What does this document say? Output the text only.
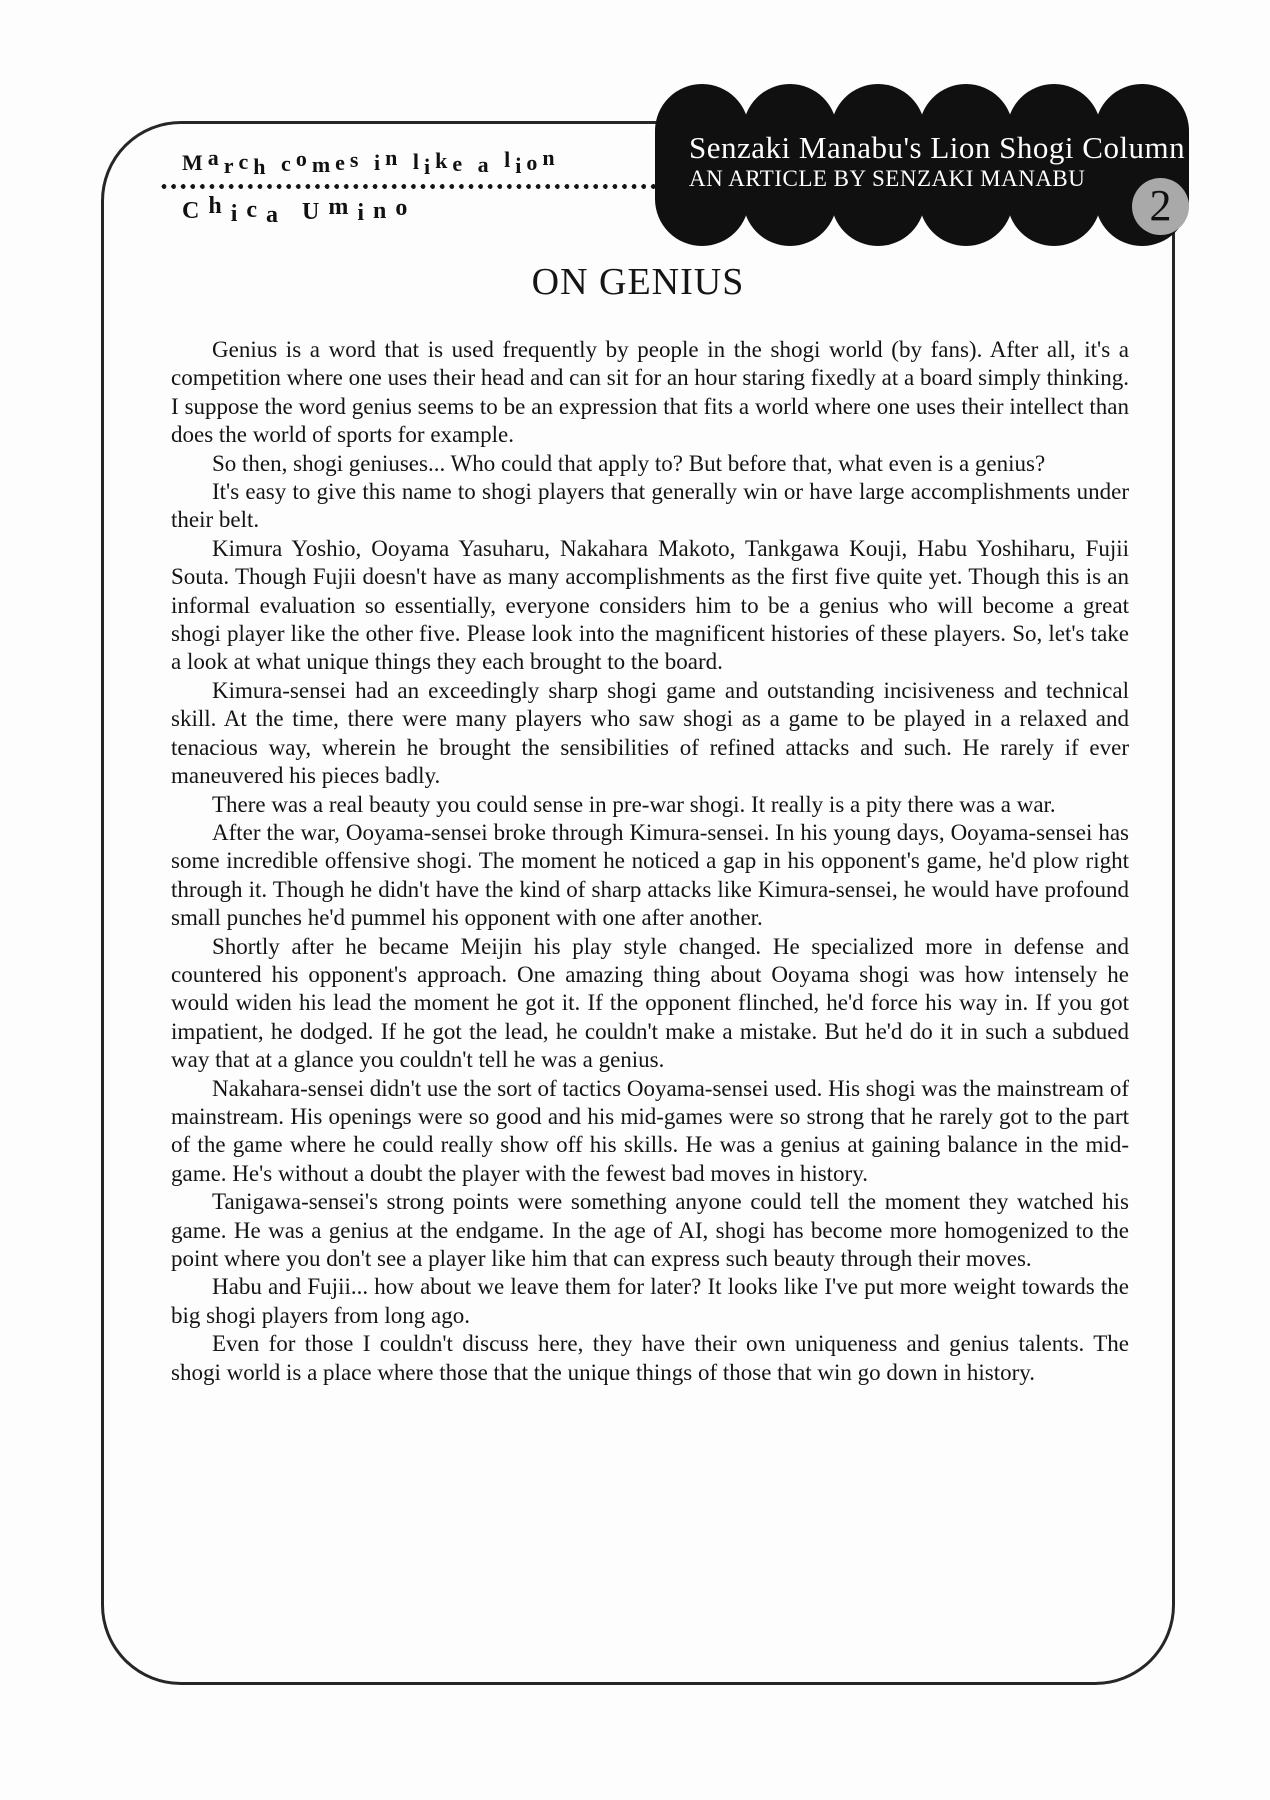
March comes in like a lion
Chica Umino
Senzaki Manabu's Lion Shogi Column
AN ARTICLE BY SENZAKI MANABU
2
ON GENIUS

Genius is a word that is used frequently by people in the shogi world (by fans). After all, it's a competition where one uses their head and can sit for an hour staring fixedly at a board simply thinking. I suppose the word genius seems to be an expression that fits a world where one uses their intellect than does the world of sports for example.

So then, shogi geniuses... Who could that apply to? But before that, what even is a genius?

It's easy to give this name to shogi players that generally win or have large accomplishments under their belt.

Kimura Yoshio, Ooyama Yasuharu, Nakahara Makoto, Tankgawa Kouji, Habu Yoshiharu, Fujii Souta. Though Fujii doesn't have as many accomplishments as the first five quite yet. Though this is an informal evaluation so essentially, everyone considers him to be a genius who will become a great shogi player like the other five. Please look into the magnificent histories of these players. So, let's take a look at what unique things they each brought to the board.

Kimura-sensei had an exceedingly sharp shogi game and outstanding incisiveness and technical skill. At the time, there were many players who saw shogi as a game to be played in a relaxed and tenacious way, wherein he brought the sensibilities of refined attacks and such. He rarely if ever maneuvered his pieces badly.

There was a real beauty you could sense in pre-war shogi. It really is a pity there was a war.

After the war, Ooyama-sensei broke through Kimura-sensei. In his young days, Ooyama-sensei has some incredible offensive shogi. The moment he noticed a gap in his opponent's game, he'd plow right through it. Though he didn't have the kind of sharp attacks like Kimura-sensei, he would have profound small punches he'd pummel his opponent with one after another.

Shortly after he became Meijin his play style changed. He specialized more in defense and countered his opponent's approach. One amazing thing about Ooyama shogi was how intensely he would widen his lead the moment he got it. If the opponent flinched, he'd force his way in. If you got impatient, he dodged. If he got the lead, he couldn't make a mistake. But he'd do it in such a subdued way that at a glance you couldn't tell he was a genius.

Nakahara-sensei didn't use the sort of tactics Ooyama-sensei used. His shogi was the mainstream of mainstream. His openings were so good and his mid-games were so strong that he rarely got to the part of the game where he could really show off his skills. He was a genius at gaining balance in the mid-game. He's without a doubt the player with the fewest bad moves in history.

Tanigawa-sensei's strong points were something anyone could tell the moment they watched his game. He was a genius at the endgame. In the age of AI, shogi has become more homogenized to the point where you don't see a player like him that can express such beauty through their moves.

Habu and Fujii... how about we leave them for later? It looks like I've put more weight towards the big shogi players from long ago.

Even for those I couldn't discuss here, they have their own uniqueness and genius talents. The shogi world is a place where those that the unique things of those that win go down in history.
